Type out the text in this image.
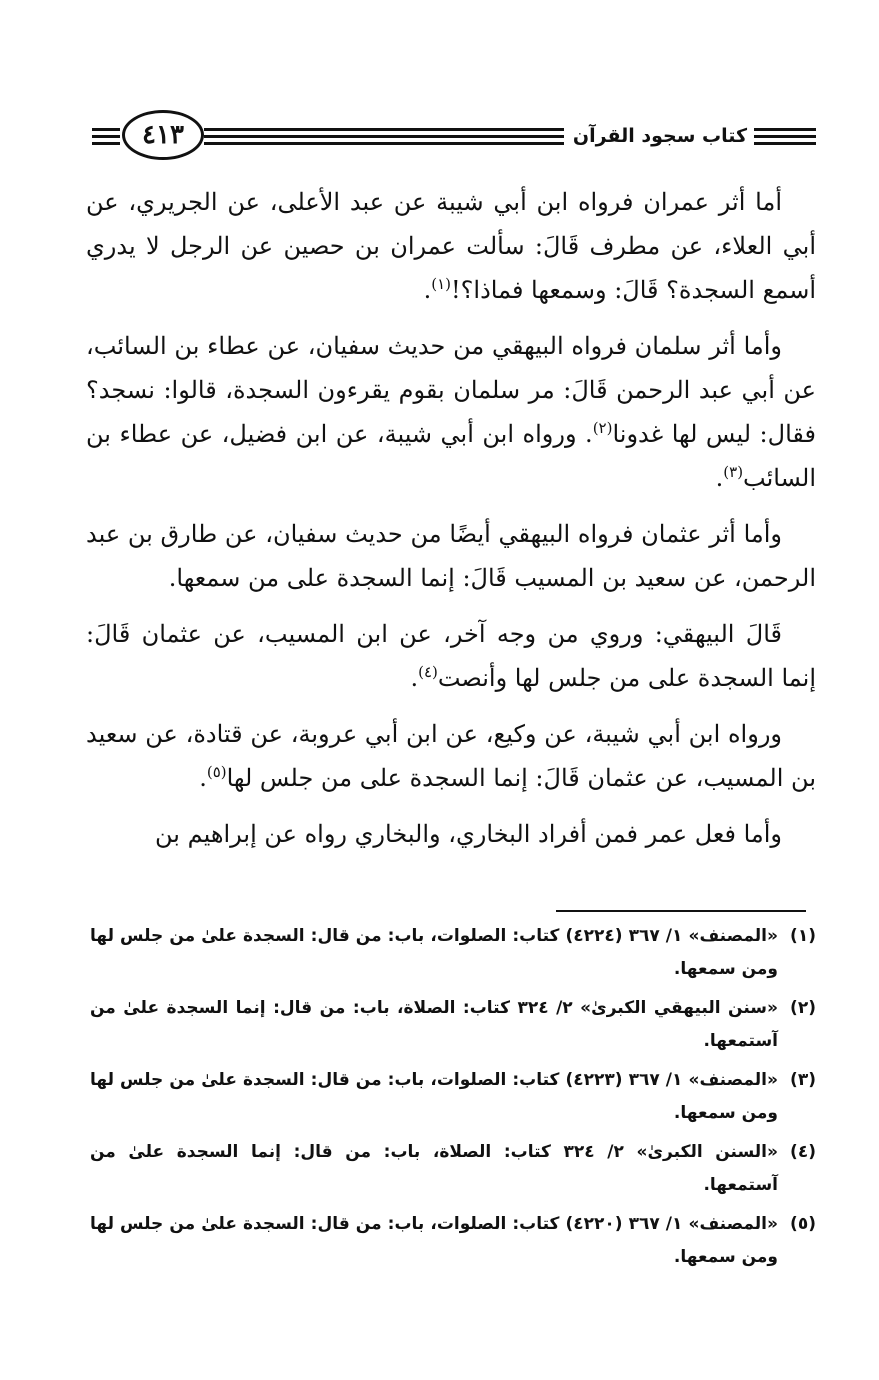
٤١٣	كتاب سجود القرآن

أما أثر عمران فرواه ابن أبي شيبة عن عبد الأعلى، عن الجريري، عن أبي العلاء، عن مطرف قَالَ: سألت عمران بن حصين عن الرجل لا يدري أسمع السجدة؟ قَالَ: وسمعها فماذا؟!$^{(١)}$.

وأما أثر سلمان فرواه البيهقي من حديث سفيان، عن عطاء بن السائب، عن أبي عبد الرحمن قَالَ: مر سلمان بقوم يقرءون السجدة، قالوا: نسجد؟ فقال: ليس لها غدونا$^{(٢)}$. ورواه ابن أبي شيبة، عن ابن فضيل، عن عطاء بن السائب$^{(٣)}$.

وأما أثر عثمان فرواه البيهقي أيضًا من حديث سفيان، عن طارق بن عبد الرحمن، عن سعيد بن المسيب قَالَ: إنما السجدة على من سمعها.

قَالَ البيهقي: وروي من وجه آخر، عن ابن المسيب، عن عثمان قَالَ: إنما السجدة على من جلس لها وأنصت$^{(٤)}$.

ورواه ابن أبي شيبة، عن وكيع، عن ابن أبي عروبة، عن قتادة، عن سعيد بن المسيب، عن عثمان قَالَ: إنما السجدة على من جلس لها$^{(٥)}$.

وأما فعل عمر فمن أفراد البخاري، والبخاري رواه عن إبراهيم بن

(١)
«المصنف» ١/ ٣٦٧ (٤٢٢٤) كتاب: الصلوات، باب: من قال: السجدة علىٰ من جلس لها ومن سمعها.
(٢)
«سنن البيهقي الكبرىٰ» ٢/ ٣٢٤ كتاب: الصلاة، باب: من قال: إنما السجدة علىٰ من آستمعها.
(٣)
«المصنف» ١/ ٣٦٧ (٤٢٢٣) كتاب: الصلوات، باب: من قال: السجدة علىٰ من جلس لها ومن سمعها.
(٤)
«السنن الكبرىٰ» ٢/ ٣٢٤ كتاب: الصلاة، باب: من قال: إنما السجدة علىٰ من آستمعها.
(٥)
«المصنف» ١/ ٣٦٧ (٤٢٢٠) كتاب: الصلوات، باب: من قال: السجدة علىٰ من جلس لها ومن سمعها.
